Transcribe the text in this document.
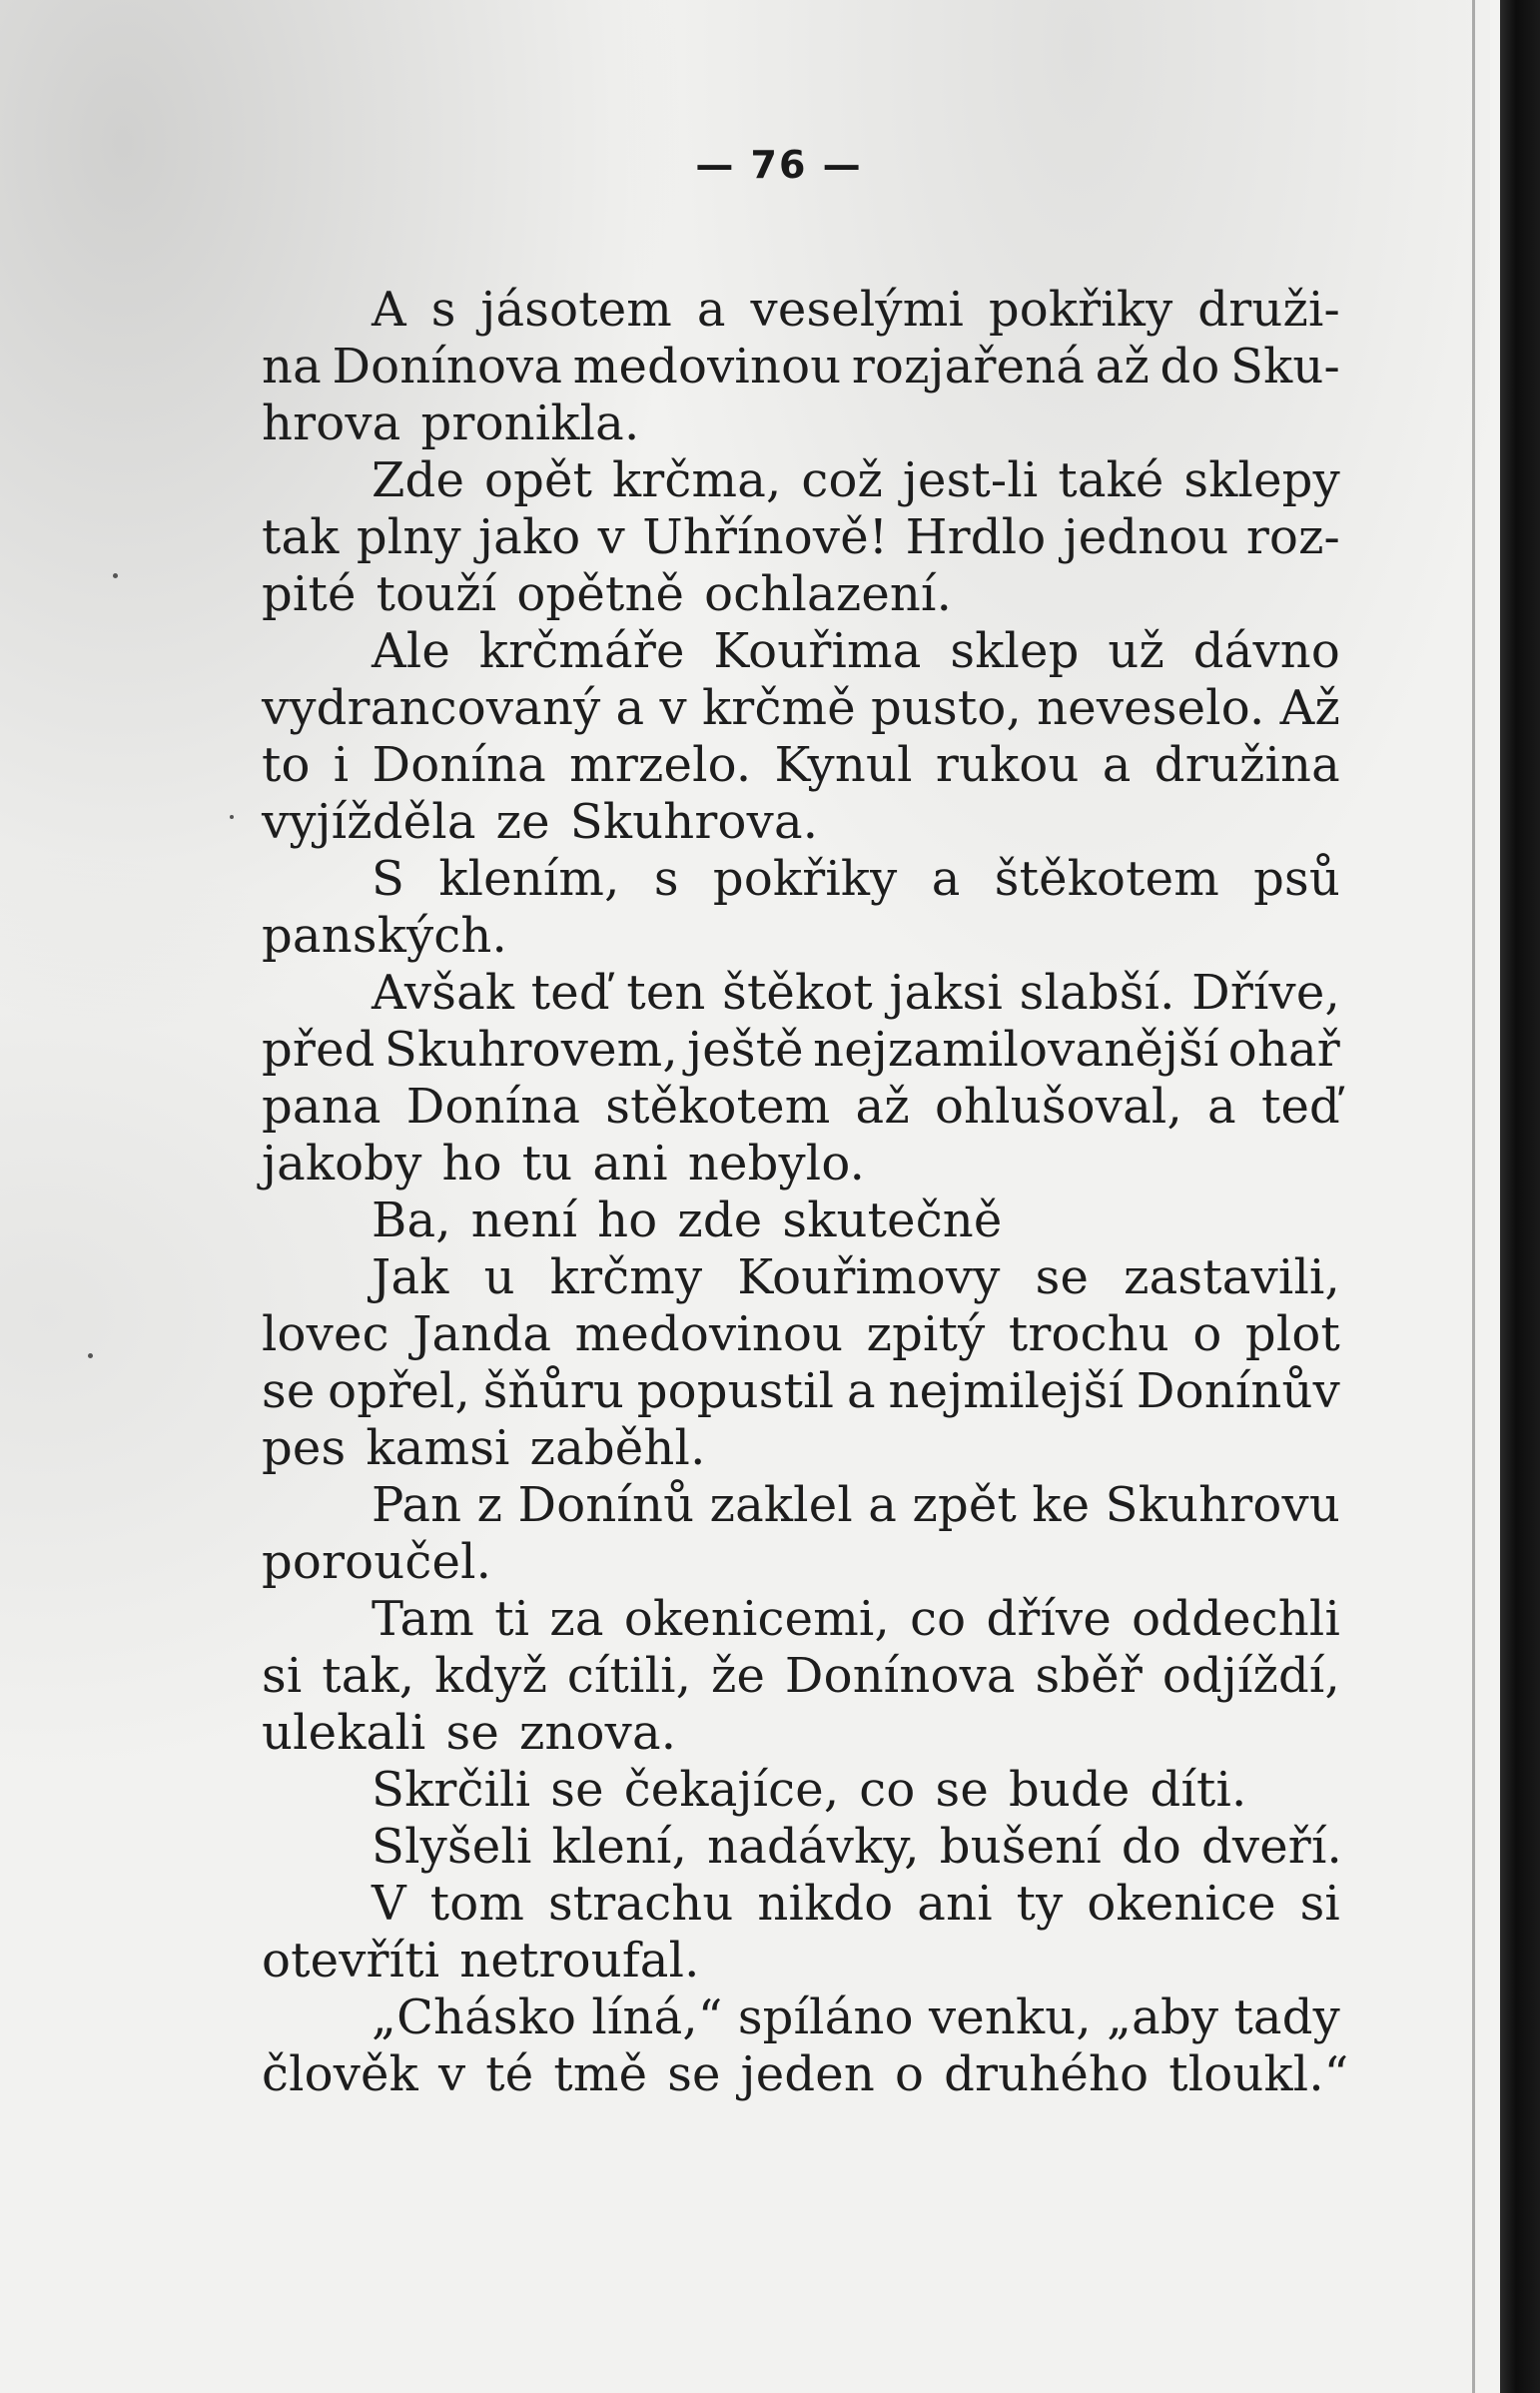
— 76 —
A s jásotem a veselými pokřiky druži-
na Donínova medovinou rozjařená až do Sku-
hrova pronikla.
Zde opět krčma, což jest-li také sklepy
tak plny jako v Uhřínově! Hrdlo jednou roz-
pité touží opětně ochlazení.
Ale krčmáře Kouřima sklep už dávno
vydrancovaný a v krčmě pusto, neveselo. Až
to i Donína mrzelo. Kynul rukou a družina
vyjížděla ze Skuhrova.
S klením, s pokřiky a štěkotem psů
panských.
Avšak teď ten štěkot jaksi slabší. Dříve,
před Skuhrovem, ještě nejzamilovanější ohař
pana Donína stěkotem až ohlušoval, a teď
jakoby ho tu ani nebylo.
Ba, není ho zde skutečně
Jak u krčmy Kouřimovy se zastavili,
lovec Janda medovinou zpitý trochu o plot
se opřel, šňůru popustil a nejmilejší Donínův
pes kamsi zaběhl.
Pan z Donínů zaklel a zpět ke Skuhrovu
poroučel.
Tam ti za okenicemi, co dříve oddechli
si tak, když cítili, že Donínova sběř odjíždí,
ulekali se znova.
Skrčili se čekajíce, co se bude díti.
Slyšeli klení, nadávky, bušení do dveří.
V tom strachu nikdo ani ty okenice si
otevříti netroufal.
„Chásko líná,“ spíláno venku, „aby tady
člověk v té tmě se jeden o druhého tloukl.“
